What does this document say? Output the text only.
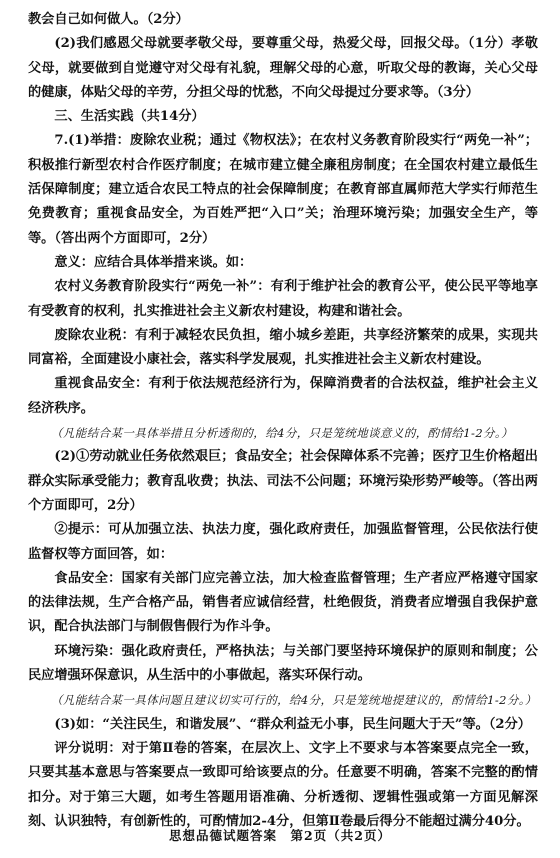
教会自己如何做人。（2分）

(2)我们感恩父母就要孝敬父母，要尊重父母，热爱父母，回报父母。（1分）孝敬父母，就要做到自觉遵守对父母有礼貌，理解父母的心意，听取父母的教诲，关心父母的健康，体贴父母的辛劳，分担父母的忧愁，不向父母提过分要求等。（3分）

三、生活实践（共14分）

7.(1)举措：废除农业税；通过《物权法》；在农村义务教育阶段实行“两免一补”；积极推行新型农村合作医疗制度；在城市建立健全廉租房制度；在全国农村建立最低生活保障制度；建立适合农民工特点的社会保障制度；在教育部直属师范大学实行师范生免费教育；重视食品安全，为百姓严把“入口”关；治理环境污染；加强安全生产，等等。（答出两个方面即可，2分）

意义：应结合具体举措来谈。如：

农村义务教育阶段实行“两免一补”：有利于维护社会的教育公平，使公民平等地享有受教育的权利，扎实推进社会主义新农村建设，构建和谐社会。

废除农业税：有利于减轻农民负担，缩小城乡差距，共享经济繁荣的成果，实现共同富裕，全面建设小康社会，落实科学发展观，扎实推进社会主义新农村建设。

重视食品安全：有利于依法规范经济行为，保障消费者的合法权益，维护社会主义经济秩序。

（凡能结合某一具体举措且分析透彻的，给4分，只是笼统地谈意义的，酌情给1-2分。）

(2)①劳动就业任务依然艰巨；食品安全；社会保障体系不完善；医疗卫生价格超出群众实际承受能力；教育乱收费；执法、司法不公问题；环境污染形势严峻等。（答出两个方面即可，2分）

②提示：可从加强立法、执法力度，强化政府责任，加强监督管理，公民依法行使监督权等方面回答，如：

食品安全：国家有关部门应完善立法，加大检查监督管理；生产者应严格遵守国家的法律法规，生产合格产品，销售者应诚信经营，杜绝假货，消费者应增强自我保护意识，配合执法部门与制假售假行为作斗争。

环境污染：强化政府责任，严格执法；与关部门要坚持环境保护的原则和制度；公民应增强环保意识，从生活中的小事做起，落实环保行动。

（凡能结合某一具体问题且建议切实可行的，给4分，只是笼统地提建议的，酌情给1-2分。）

(3)如：“关注民生，和谐发展”、“群众利益无小事，民生问题大于天”等。（2分）

评分说明：对于第Ⅱ卷的答案，在层次上、文字上不要求与本答案要点完全一致，只要其基本意思与答案要点一致即可给该要点的分。任意要不明确，答案不完整的酌情扣分。对于第三大题，如考生答题用语准确、分析透彻、逻辑性强或第一方面见解深刻、认识独特，有创新性的，可酌情加2-4分，但第Ⅱ卷最后得分不能超过满分40分。

思想品德试题答案　第2页（共2页）
